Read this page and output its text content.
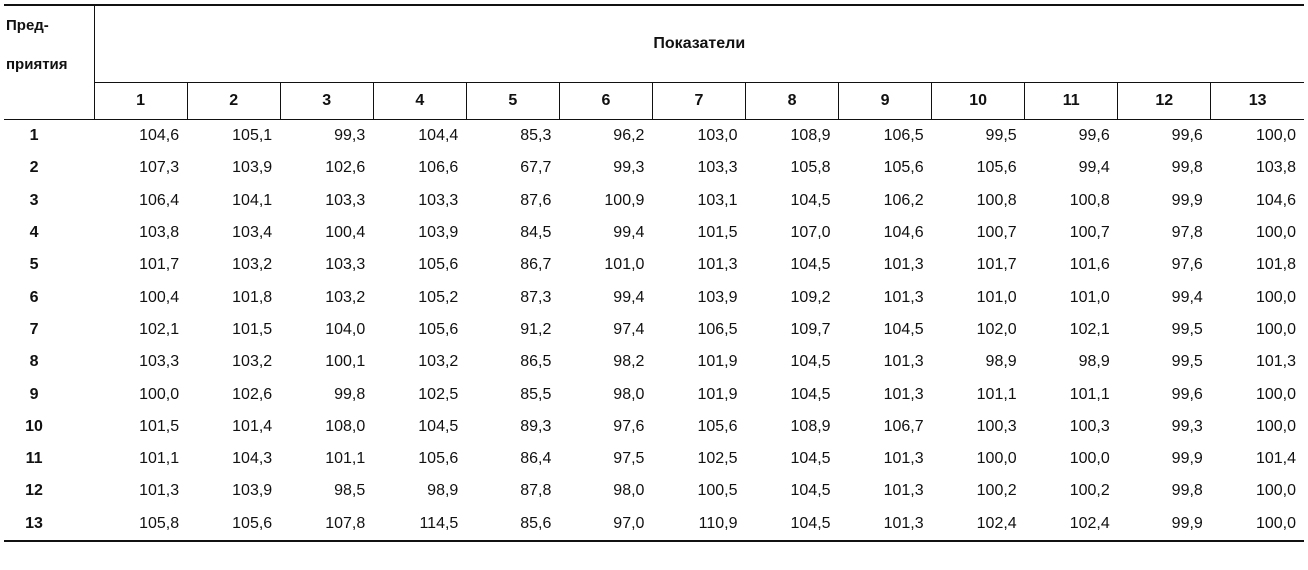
Пред-
приятия	Показатели												
	1	2	3	4	5	6	7	8	9	10	11	12	13
1	104,6	105,1	99,3	104,4	85,3	96,2	103,0	108,9	106,5	99,5	99,6	99,6	100,0
2	107,3	103,9	102,6	106,6	67,7	99,3	103,3	105,8	105,6	105,6	99,4	99,8	103,8
3	106,4	104,1	103,3	103,3	87,6	100,9	103,1	104,5	106,2	100,8	100,8	99,9	104,6
4	103,8	103,4	100,4	103,9	84,5	99,4	101,5	107,0	104,6	100,7	100,7	97,8	100,0
5	101,7	103,2	103,3	105,6	86,7	101,0	101,3	104,5	101,3	101,7	101,6	97,6	101,8
6	100,4	101,8	103,2	105,2	87,3	99,4	103,9	109,2	101,3	101,0	101,0	99,4	100,0
7	102,1	101,5	104,0	105,6	91,2	97,4	106,5	109,7	104,5	102,0	102,1	99,5	100,0
8	103,3	103,2	100,1	103,2	86,5	98,2	101,9	104,5	101,3	98,9	98,9	99,5	101,3
9	100,0	102,6	99,8	102,5	85,5	98,0	101,9	104,5	101,3	101,1	101,1	99,6	100,0
10	101,5	101,4	108,0	104,5	89,3	97,6	105,6	108,9	106,7	100,3	100,3	99,3	100,0
11	101,1	104,3	101,1	105,6	86,4	97,5	102,5	104,5	101,3	100,0	100,0	99,9	101,4
12	101,3	103,9	98,5	98,9	87,8	98,0	100,5	104,5	101,3	100,2	100,2	99,8	100,0
13	105,8	105,6	107,8	114,5	85,6	97,0	110,9	104,5	101,3	102,4	102,4	99,9	100,0
